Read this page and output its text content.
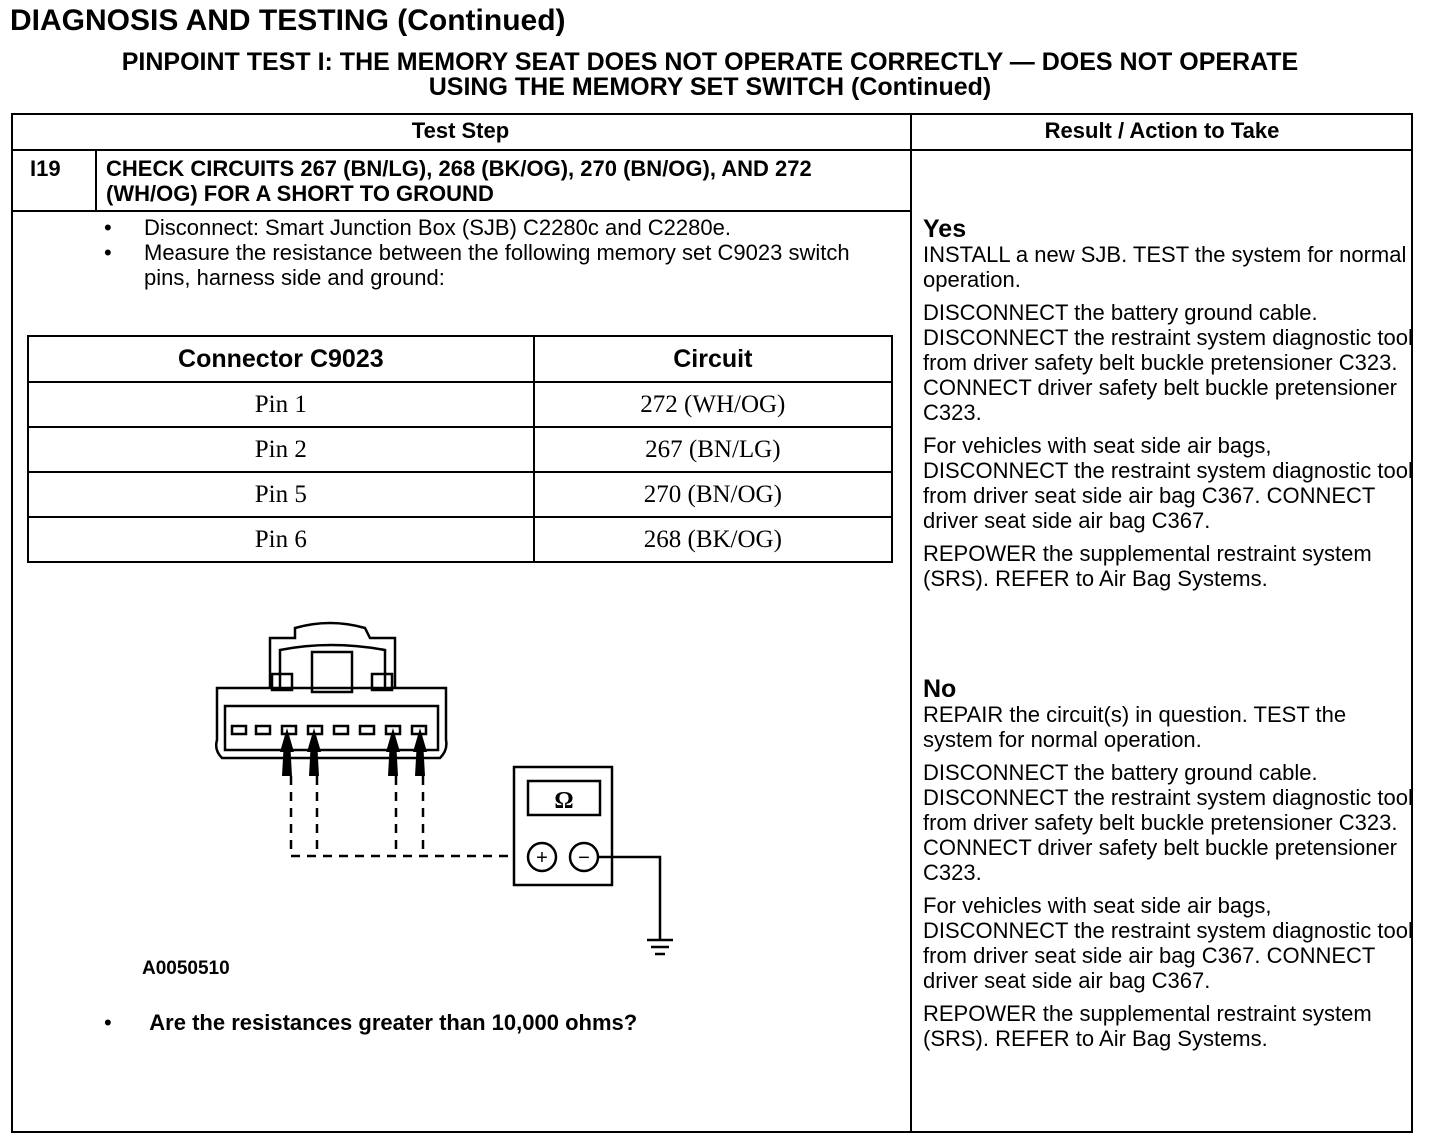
DIAGNOSIS AND TESTING (Continued)
PINPOINT TEST I: THE MEMORY SEAT DOES NOT OPERATE CORRECTLY — DOES NOT OPERATE
USING THE MEMORY SET SWITCH (Continued)
Test Step	Result / Action to Take
I19 CHECK CIRCUITS 267 (BN/LG), 268 (BK/OG), 270 (BN/OG), AND 272 (WH/OG) FOR A SHORT TO GROUND
• Disconnect: Smart Junction Box (SJB) C2280c and C2280e.
• Measure the resistance between the following memory set C9023 switch pins, harness side and ground:
Connector C9023	Circuit
Pin 1	272 (WH/OG)
Pin 2	267 (BN/LG)
Pin 5	270 (BN/OG)
Pin 6	268 (BK/OG)
Ω
+ −
A0050510
• Are the resistances greater than 10,000 ohms?
Yes

INSTALL a new SJB. TEST the system for normal operation.

DISCONNECT the battery ground cable. DISCONNECT the restraint system diagnostic tool from driver safety belt buckle pretensioner C323. CONNECT driver safety belt buckle pretensioner C323.

For vehicles with seat side air bags, DISCONNECT the restraint system diagnostic tool from driver seat side air bag C367. CONNECT driver seat side air bag C367.

REPOWER the supplemental restraint system (SRS). REFER to Air Bag Systems.

No

REPAIR the circuit(s) in question. TEST the system for normal operation.

DISCONNECT the battery ground cable. DISCONNECT the restraint system diagnostic tool from driver safety belt buckle pretensioner C323. CONNECT driver safety belt buckle pretensioner C323.

For vehicles with seat side air bags, DISCONNECT the restraint system diagnostic tool from driver seat side air bag C367. CONNECT driver seat side air bag C367.

REPOWER the supplemental restraint system (SRS). REFER to Air Bag Systems.
